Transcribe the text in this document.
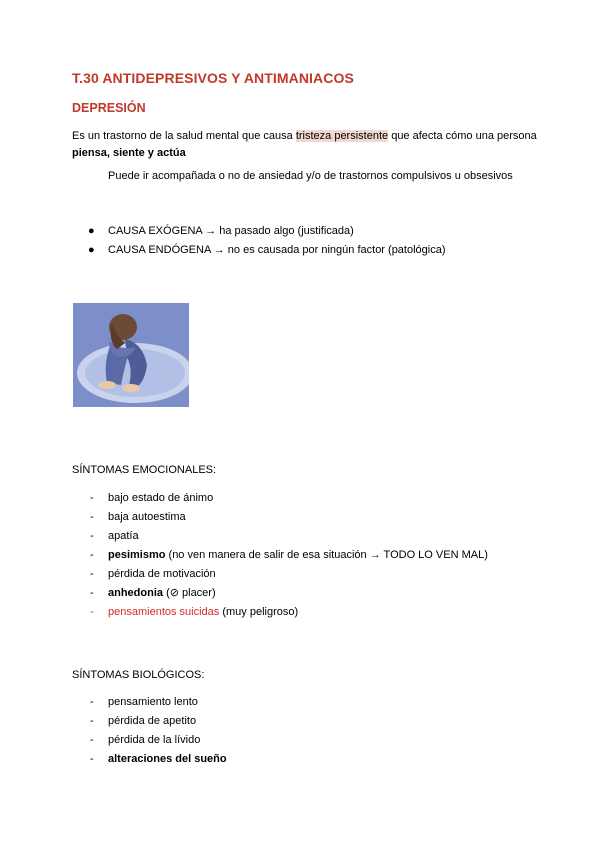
T.30 ANTIDEPRESIVOS Y ANTIMANIACOS
DEPRESIÓN
Es un trastorno de la salud mental que causa tristeza persistente que afecta cómo una persona piensa, siente y actúa
Puede ir acompañada o no de ansiedad y/o de trastornos compulsivos u obsesivos
●	CAUSA EXÓGENA → ha pasado algo (justificada)
●	CAUSA ENDÓGENA → no es causada por ningún factor (patológica)
SÍNTOMAS EMOCIONALES:
-	bajo estado de ánimo
-	baja autoestima
-	apatía
-	pesimismo (no ven manera de salir de esa situación → TODO LO VEN MAL)
-	pérdida de motivación
-	anhedonia (⊘ placer)
-	pensamientos suicidas (muy peligroso)
SÍNTOMAS BIOLÓGICOS:
-	pensamiento lento
-	pérdida de apetito
-	pérdida de la lívido
-	alteraciones del sueño
